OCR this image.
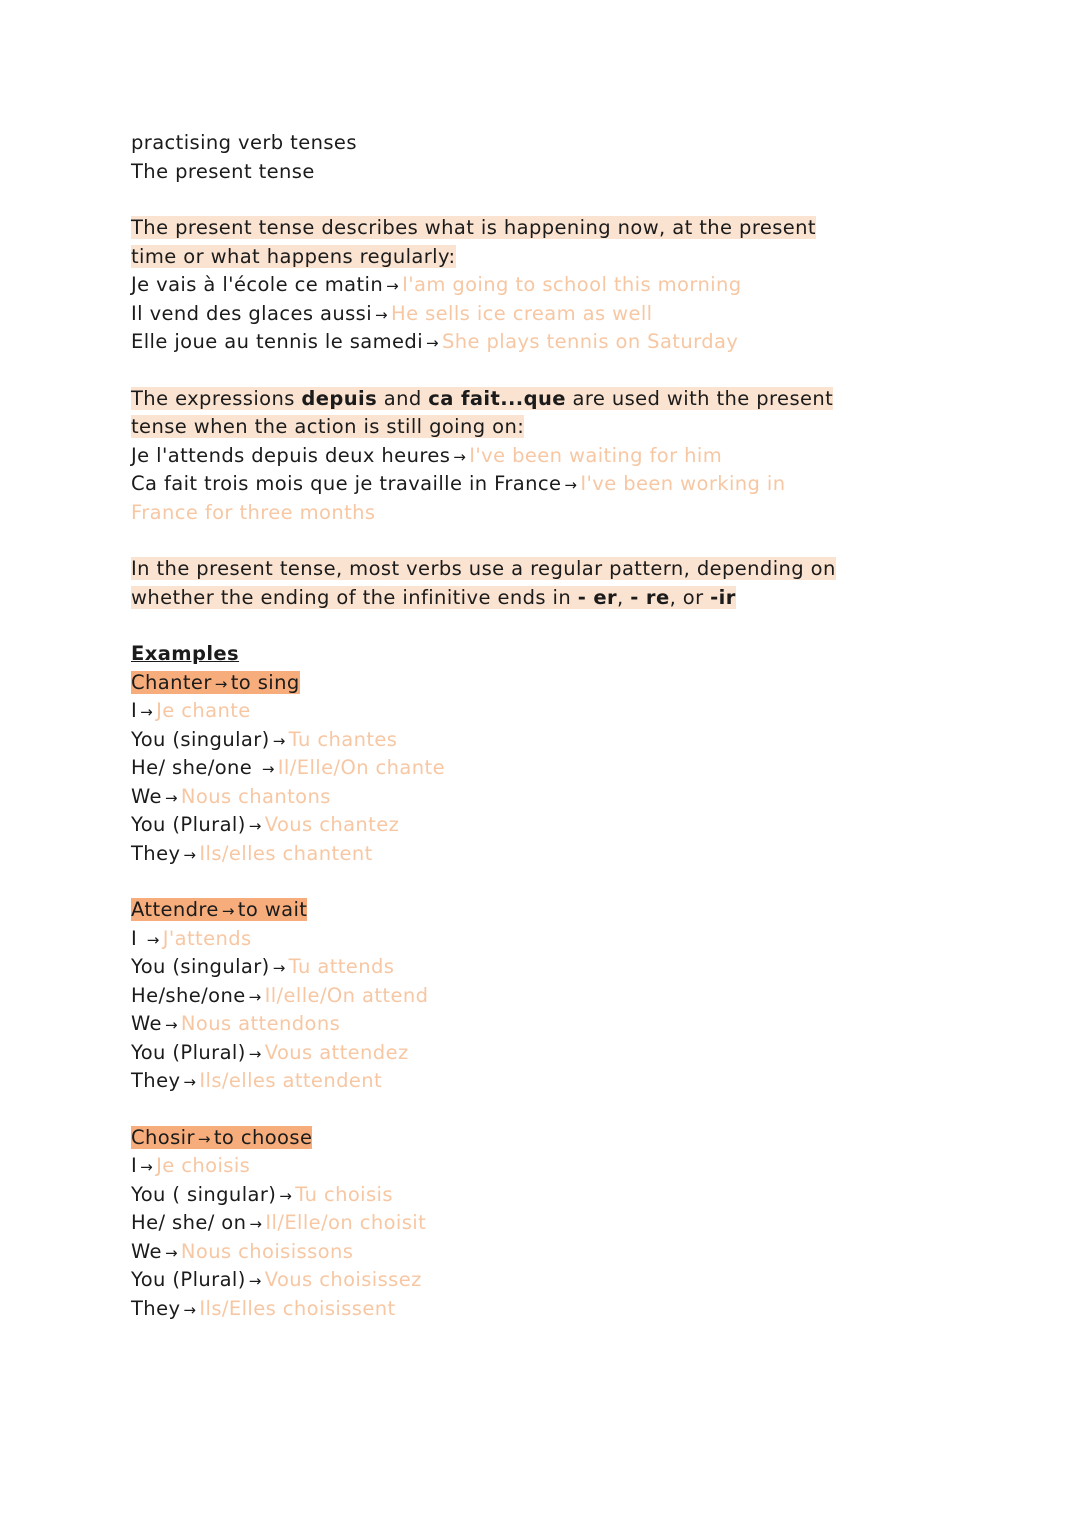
practising verb tenses
The present tense
The present tense describes what is happening now, at the present
time or what happens regularly:
Je vais à l'école ce matin → I'am going to school this morning
Il vend des glaces aussi → He sells ice cream as well
Elle joue au tennis le samedi → She plays tennis on Saturday
The expressions depuis and ca fait...que are used with the present
tense when the action is still going on:
Je l'attends depuis deux heures → I've been waiting for him
Ca fait trois mois que je travaille in France → I've been working in
France for three months
In the present tense, most verbs use a regular pattern, depending on
whether the ending of the infinitive ends in - er, - re, or -ir
Examples
Chanter → to sing
I → Je chante
You (singular) → Tu chantes
He/ she/one → Il/Elle/On chante
We → Nous chantons
You (Plural) → Vous chantez
They → Ils/elles chantent
Attendre → to wait
I → J'attends
You (singular) → Tu attends
He/she/one → Il/elle/On attend
We → Nous attendons
You (Plural) → Vous attendez
They → Ils/elles attendent
Chosir → to choose
I → Je choisis
You ( singular) → Tu choisis
He/ she/ on → Il/Elle/on choisit
We → Nous choisissons
You (Plural) → Vous choisissez
They → Ils/Elles choisissent
